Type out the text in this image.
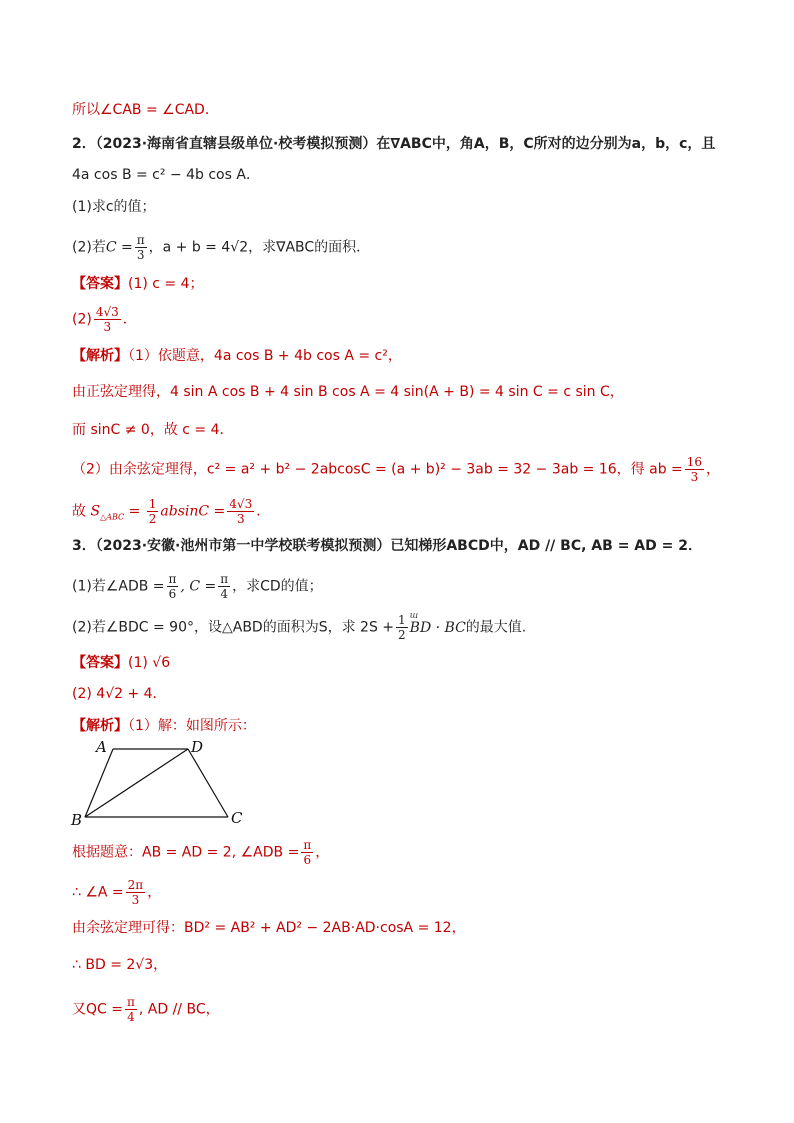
所以∠CAB = ∠CAD．
2．（2023·海南省直辖县级单位·校考模拟预测）在∇ABC中，角A，B，C所对的边分别为a，b，c，且
4a cos B = c² − 4b cos A．
(1)求c的值；
(2)若$C = \frac{\pi}{3}$ ，a + b = 4√2，求∇ABC的面积．
【答案】(1) c = 4；
$(2) \frac{4√3}{3}$ ．
【解析】（1）依题意，4a cos B + 4b cos A = c²，
由正弦定理得，4 sin A cos B + 4 sin B cos A = 4 sin(A + B) = 4 sin C = c sin C，
而 sinC ≠ 0，故 c = 4．
（2）由余弦定理得，c² = a² + b² − 2abcosC = (a + b)² − 3ab = 32 − 3ab = 16，得 ab = $\frac{16}{3}$ ，
故 $S_{\triangle ABC} = \frac{1}{2}$ $absinC = \frac{4√3}{3}$ ．
3．（2023·安徽·池州市第一中学校联考模拟预测）已知梯形ABCD中，AD // BC, AB = AD = 2．
(1)若∠ADB = $\frac{\pi}{6}$ , $C = \frac{\pi}{4}$ ，求CD的值；
(2)若∠BDC = 90°，设△ABD的面积为S，求 $2S + \frac{1}{2}$
ш BD · BC的最大值.
【答案】(1) √6
(2) 4√2 + 4．
【解析】（1）解：如图所示：
A	D
B	C
根据题意：AB = AD = 2, ∠ADB = $\frac{\pi}{6}$ ，
∴ ∠A = $\frac{2\pi}{3}$ ，
由余弦定理可得：BD² = AB² + AD² − 2AB·AD·cosA = 12，
∴ BD = 2√3，
又QC = $\frac{\pi}{4}$ , AD // BC，
